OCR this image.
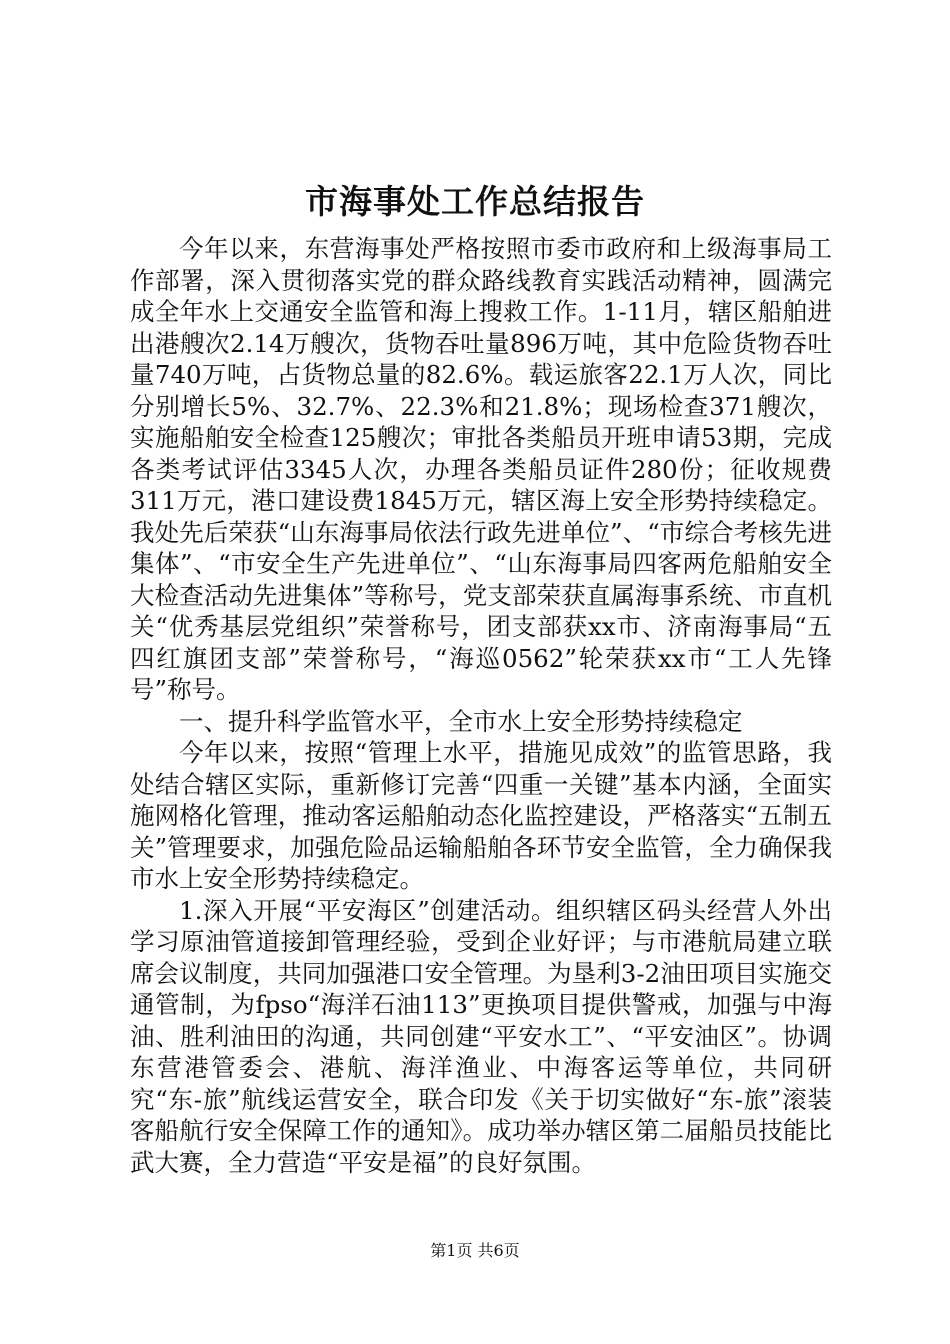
市海事处工作总结报告

今年以来，东营海事处严格按照市委市政府和上级海事局工作部署，深入贯彻落实党的群众路线教育实践活动精神，圆满完成全年水上交通安全监管和海上搜救工作。1-11月，辖区船舶进出港艘次2.14万艘次，货物吞吐量896万吨，其中危险货物吞吐量740万吨，占货物总量的82.6%。载运旅客22.1万人次，同比分别增长5%、32.7%、22.3%和21.8%；现场检查371艘次，实施船舶安全检查125艘次；审批各类船员开班申请53期，完成各类考试评估3345人次，办理各类船员证件280份；征收规费311万元，港口建设费1845万元，辖区海上安全形势持续稳定。我处先后荣获“山东海事局依法行政先进单位”、“市综合考核先进集体”、“市安全生产先进单位”、“山东海事局四客两危船舶安全大检查活动先进集体”等称号，党支部荣获直属海事系统、市直机关“优秀基层党组织”荣誉称号，团支部获xx市、济南海事局“五四红旗团支部”荣誉称号，“海巡0562”轮荣获xx市“工人先锋号”称号。

一、提升科学监管水平，全市水上安全形势持续稳定

今年以来，按照“管理上水平，措施见成效”的监管思路，我处结合辖区实际，重新修订完善“四重一关键”基本内涵，全面实施网格化管理，推动客运船舶动态化监控建设，严格落实“五制五关”管理要求，加强危险品运输船舶各环节安全监管，全力确保我市水上安全形势持续稳定。

1.深入开展“平安海区”创建活动。组织辖区码头经营人外出学习原油管道接卸管理经验，受到企业好评；与市港航局建立联席会议制度，共同加强港口安全管理。为垦利3-2油田项目实施交通管制，为fpso“海洋石油113”更换项目提供警戒，加强与中海油、胜利油田的沟通，共同创建“平安水工”、“平安油区”。协调东营港管委会、港航、海洋渔业、中海客运等单位，共同研究“东-旅”航线运营安全，联合印发《关于切实做好“东-旅”滚装客船航行安全保障工作的通知》。成功举办辖区第二届船员技能比武大赛，全力营造“平安是福”的良好氛围。

第1页 共6页
